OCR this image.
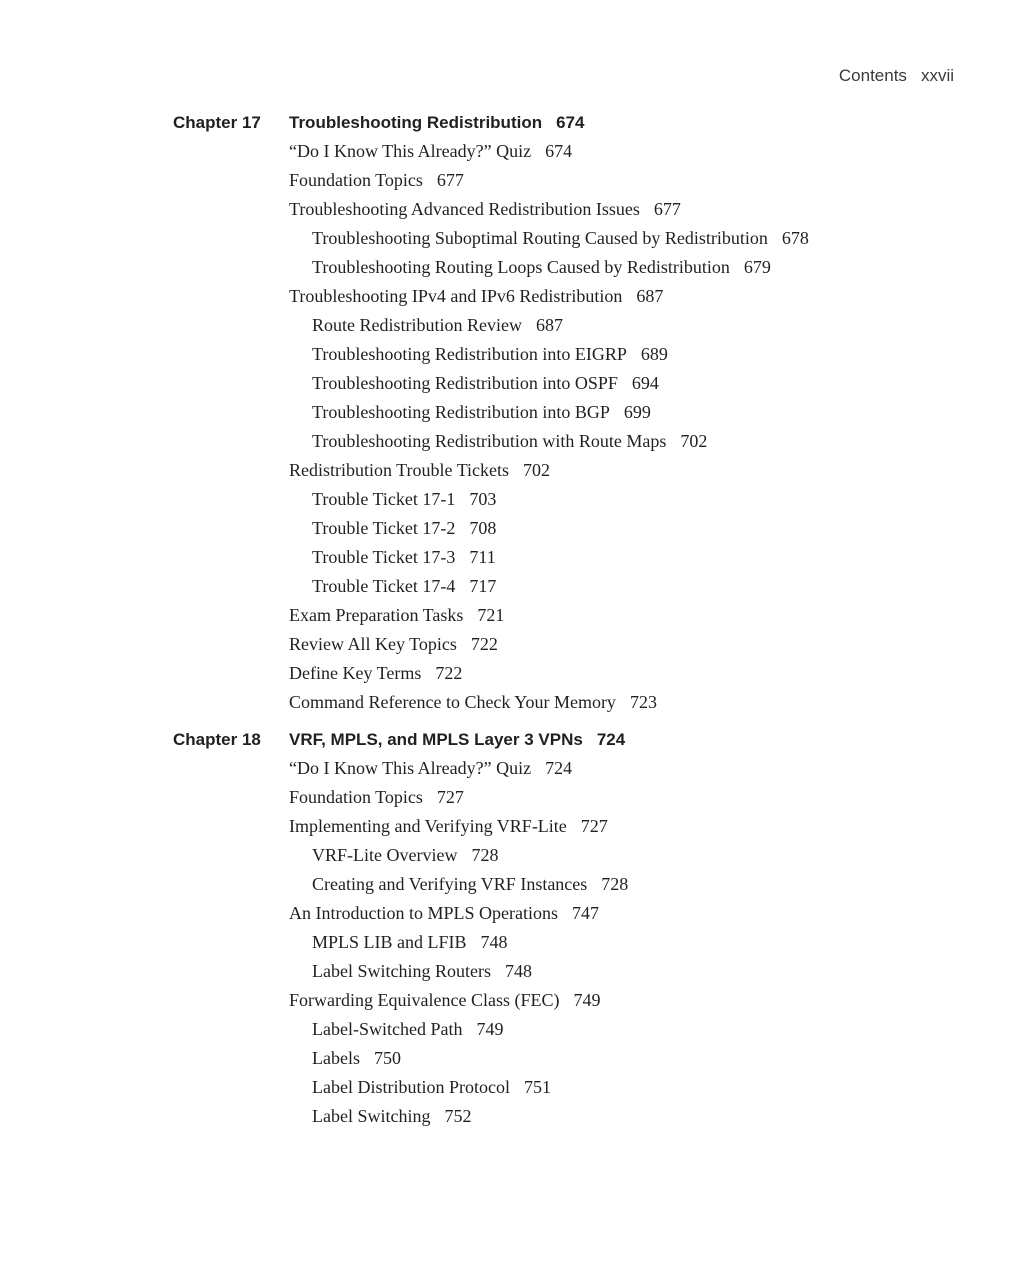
Contents xxvii
Chapter 17 Troubleshooting Redistribution 674
“Do I Know This Already?” Quiz 674
Foundation Topics 677
Troubleshooting Advanced Redistribution Issues 677
Troubleshooting Suboptimal Routing Caused by Redistribution 678
Troubleshooting Routing Loops Caused by Redistribution 679
Troubleshooting IPv4 and IPv6 Redistribution 687
Route Redistribution Review 687
Troubleshooting Redistribution into EIGRP 689
Troubleshooting Redistribution into OSPF 694
Troubleshooting Redistribution into BGP 699
Troubleshooting Redistribution with Route Maps 702
Redistribution Trouble Tickets 702
Trouble Ticket 17-1 703
Trouble Ticket 17-2 708
Trouble Ticket 17-3 711
Trouble Ticket 17-4 717
Exam Preparation Tasks 721
Review All Key Topics 722
Define Key Terms 722
Command Reference to Check Your Memory 723
Chapter 18 VRF, MPLS, and MPLS Layer 3 VPNs 724
“Do I Know This Already?” Quiz 724
Foundation Topics 727
Implementing and Verifying VRF-Lite 727
VRF-Lite Overview 728
Creating and Verifying VRF Instances 728
An Introduction to MPLS Operations 747
MPLS LIB and LFIB 748
Label Switching Routers 748
Forwarding Equivalence Class (FEC) 749
Label-Switched Path 749
Labels 750
Label Distribution Protocol 751
Label Switching 752
